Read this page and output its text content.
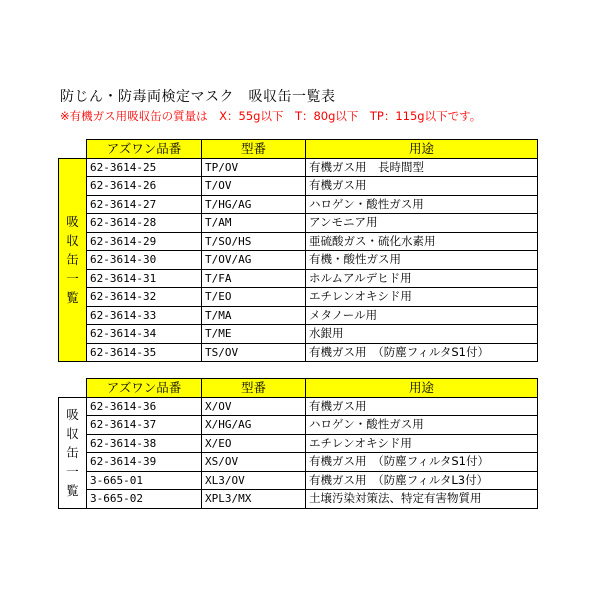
防じん・防毒両検定マスク　吸収缶一覧表
※有機ガス用吸収缶の質量は　X：55g以下　T：80g以下　TP：115g以下です。
	アズワン品番	型番	用途

吸
収
缶
一
覧	62-3614-25	TP/OV	有機ガス用　長時間型
	62-3614-26	T/OV	有機ガス用
	62-3614-27	T/HG/AG	ハロゲン・酸性ガス用
	62-3614-28	T/AM	アンモニア用
	62-3614-29	T/SO/HS	亜硫酸ガス・硫化水素用
	62-3614-30	T/OV/AG	有機・酸性ガス用
	62-3614-31	T/FA	ホルムアルデヒド用
	62-3614-32	T/EO	エチレンオキシド用
	62-3614-33	T/MA	メタノール用
	62-3614-34	T/ME	水銀用
	62-3614-35	TS/OV	有機ガス用　（防塵フィルタS1付）
	アズワン品番	型番	用途

吸
収
缶
一
覧	62-3614-36	X/OV	有機ガス用
	62-3614-37	X/HG/AG	ハロゲン・酸性ガス用
	62-3614-38	X/EO	エチレンオキシド用
	62-3614-39	XS/OV	有機ガス用　（防塵フィルタS1付）
	3-665-01	XL3/OV	有機ガス用　（防塵フィルタL3付）
	3-665-02	XPL3/MX	土壌汚染対策法、特定有害物質用
